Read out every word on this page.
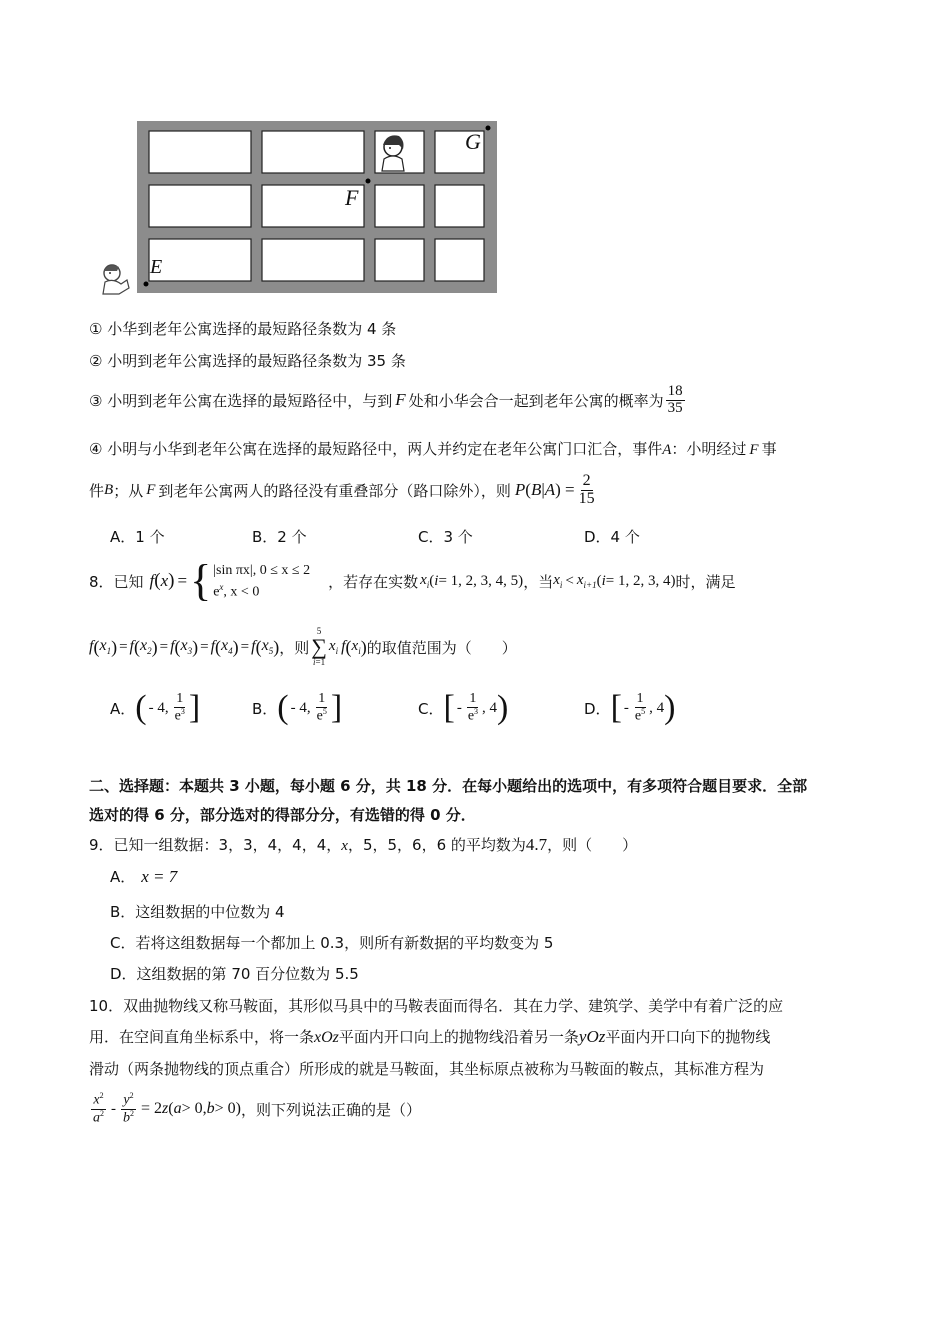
G
F
E
① 小华到老年公寓选择的最短路径条数为 4 条
② 小明到老年公寓选择的最短路径条数为 35 条
③ 小明到老年公寓在选择的最短路径中，与到 F 处和小华会合一起到老年公寓的概率为 $\frac{18}{35}$
④ 小明与小华到老年公寓在选择的最短路径中，两人并约定在老年公寓门口汇合，事件A：小明经过 F 事
件 B ；从 F 到老年公寓两人的路径没有重叠部分（路口除外），则 P ( B | A ) = $\frac{2}{15}$
A．1 个	B．2 个	C．3 个	D．4 个
8．已知 f ( x ) = { |sin πx|, 0 ≤ x ≤ 2
$e^x$, x < 0
，若存在实数 $x_i$ ( i = 1, 2, 3, 4, 5) ，当 $x_i < x_{i+1}$ ( i = 1, 2, 3, 4) 时，满足
f ( $x_1$ ) = f ( $x_2$ ) = f ( $x_3$ ) = f ( $x_4$ ) = f ( $x_5$ ) ，则
5
∑
i=1
$x_i$ f ( $x_i$ ) 的取值范围为（　　）
A． ( - 4, $\frac{1}{e^3}$ ]	B． ( - 4, $\frac{1}{e^5}$ ]	C． [ - $\frac{1}{e^3}$ , 4 )	D． [ - $\frac{1}{e^5}$ , 4 )
二、选择题：本题共 3 小题，每小题 6 分，共 18 分．在每小题给出的选项中，有多项符合题目要求．全部
选对的得 6 分，部分选对的得部分分，有选错的得 0 分．
9．已知一组数据：3，3，4，4，4，x，5，5，6，6 的平均数为4.7，则（　　）
A． x = 7
B．这组数据的中位数为 4
C．若将这组数据每一个都加上 0.3，则所有新数据的平均数变为 5
D．这组数据的第 70 百分位数为 5.5
10．双曲抛物线又称马鞍面，其形似马具中的马鞍表面而得名．其在力学、建筑学、美学中有着广泛的应
用．在空间直角坐标系中，将一条xOz平面内开口向上的抛物线沿着另一条yOz平面内开口向下的抛物线
滑动（两条抛物线的顶点重合）所形成的就是马鞍面，其坐标原点被称为马鞍面的鞍点，其标准方程为
$\frac{x^2}{a^2} - \frac{y^2}{b^2} = 2$ z ( a > 0, b > 0) ，则下列说法正确的是（）
